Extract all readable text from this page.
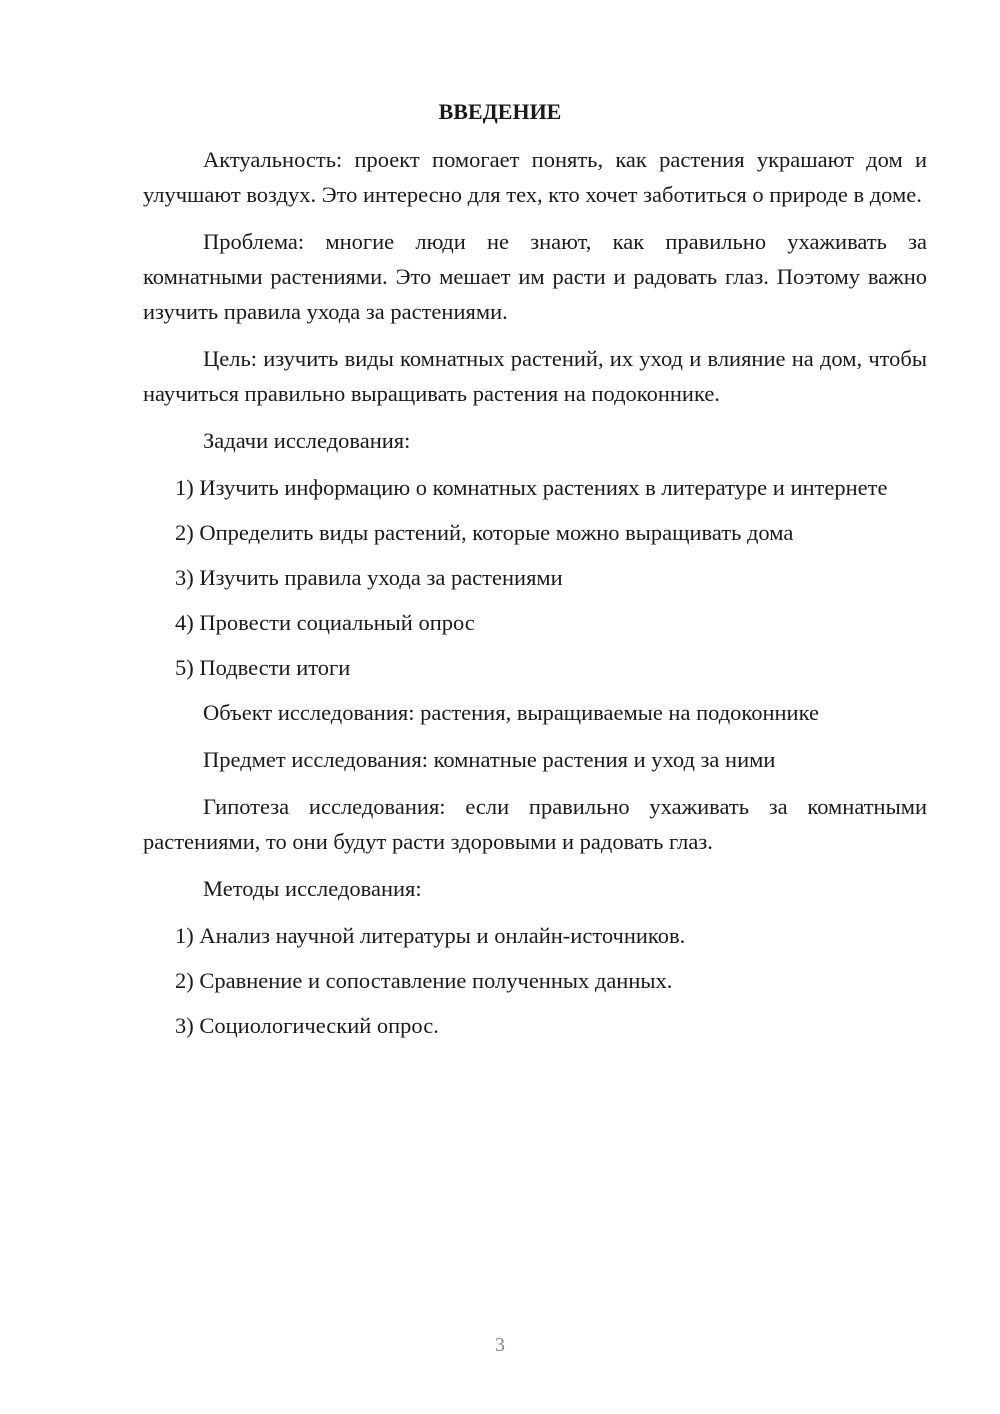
ВВЕДЕНИЕ

Актуальность: проект помогает понять, как растения украшают дом и улучшают воздух. Это интересно для тех, кто хочет заботиться о природе в доме.

Проблема: многие люди не знают, как правильно ухаживать за комнатными растениями. Это мешает им расти и радовать глаз. Поэтому важно изучить правила ухода за растениями.

Цель: изучить виды комнатных растений, их уход и влияние на дом, чтобы научиться правильно выращивать растения на подоконнике.

Задачи исследования:

1) Изучить информацию о комнатных растениях в литературе и интернете

2) Определить виды растений, которые можно выращивать дома

3) Изучить правила ухода за растениями

4) Провести социальный опрос

5) Подвести итоги

Объект исследования: растения, выращиваемые на подоконнике

Предмет исследования: комнатные растения и уход за ними

Гипотеза исследования: если правильно ухаживать за комнатными растениями, то они будут расти здоровыми и радовать глаз.

Методы исследования:

1) Анализ научной литературы и онлайн-источников.

2) Сравнение и сопоставление полученных данных.

3) Социологический опрос.

3
